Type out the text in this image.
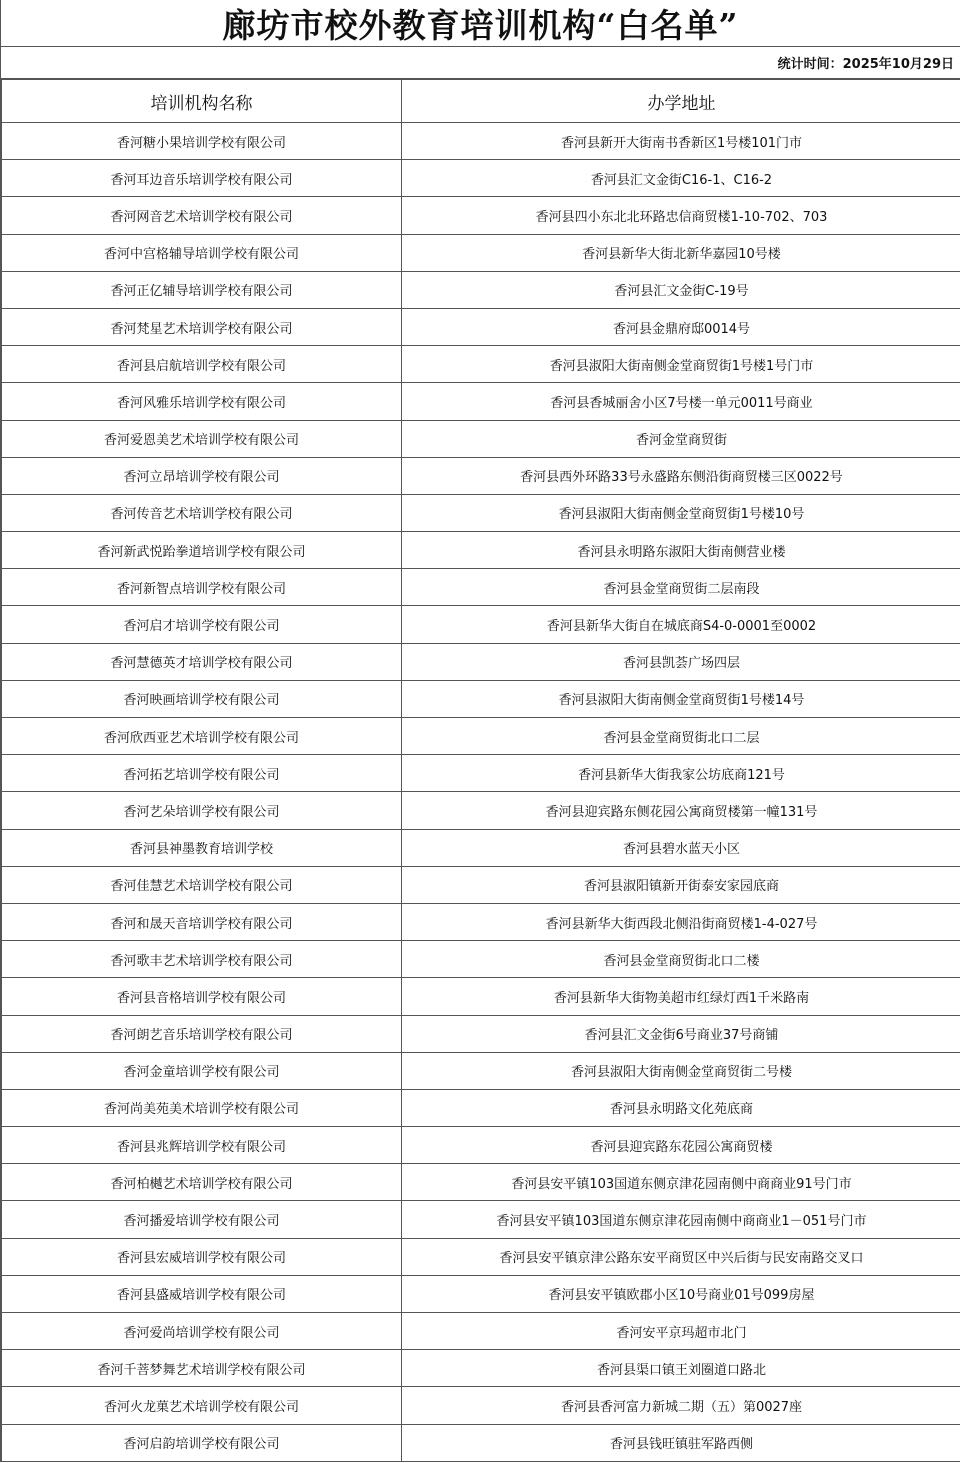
廊坊市校外教育培训机构“白名单”
统计时间：2025年10月29日
培训机构名称	办学地址
香河糖小果培训学校有限公司	香河县新开大街南书香新区1号楼101门市
香河耳边音乐培训学校有限公司	香河县汇文金街C16-1、C16-2
香河网音艺术培训学校有限公司	香河县四小东北北环路忠信商贸楼1-10-702、703
香河中宫格辅导培训学校有限公司	香河县新华大街北新华嘉园10号楼
香河正亿辅导培训学校有限公司	香河县汇文金街C-19号
香河梵星艺术培训学校有限公司	香河县金鼎府邸0014号
香河县启航培训学校有限公司	香河县淑阳大街南侧金堂商贸街1号楼1号门市
香河风雅乐培训学校有限公司	香河县香城丽舍小区7号楼一单元0011号商业
香河爱恩美艺术培训学校有限公司	香河金堂商贸街
香河立昂培训学校有限公司	香河县西外环路33号永盛路东侧沿街商贸楼三区0022号
香河传音艺术培训学校有限公司	香河县淑阳大街南侧金堂商贸街1号楼10号
香河新武悦跆拳道培训学校有限公司	香河县永明路东淑阳大街南侧营业楼
香河新智点培训学校有限公司	香河县金堂商贸街二层南段
香河启才培训学校有限公司	香河县新华大街自在城底商S4-0-0001至0002
香河慧德英才培训学校有限公司	香河县凯荟广场四层
香河映画培训学校有限公司	香河县淑阳大街南侧金堂商贸街1号楼14号
香河欣西亚艺术培训学校有限公司	香河县金堂商贸街北口二层
香河拓艺培训学校有限公司	香河县新华大街我家公坊底商121号
香河艺朵培训学校有限公司	香河县迎宾路东侧花园公寓商贸楼第一幢131号
香河县神墨教育培训学校	香河县碧水蓝天小区
香河佳慧艺术培训学校有限公司	香河县淑阳镇新开街泰安家园底商
香河和晟天音培训学校有限公司	香河县新华大街西段北侧沿街商贸楼1-4-027号
香河歌丰艺术培训学校有限公司	香河县金堂商贸街北口二楼
香河县音格培训学校有限公司	香河县新华大街物美超市红绿灯西1千米路南
香河朗艺音乐培训学校有限公司	香河县汇文金街6号商业37号商铺
香河金童培训学校有限公司	香河县淑阳大街南侧金堂商贸街二号楼
香河尚美苑美术培训学校有限公司	香河县永明路文化苑底商
香河县兆辉培训学校有限公司	香河县迎宾路东花园公寓商贸楼
香河柏樾艺术培训学校有限公司	香河县安平镇103国道东侧京津花园南侧中商商业91号门市
香河播爱培训学校有限公司	香河县安平镇103国道东侧京津花园南侧中商商业1－051号门市
香河县宏威培训学校有限公司	香河县安平镇京津公路东安平商贸区中兴后街与民安南路交叉口
香河县盛威培训学校有限公司	香河县安平镇欧郡小区10号商业01号099房屋
香河爱尚培训学校有限公司	香河安平京玛超市北门
香河千菩梦舞艺术培训学校有限公司	香河县渠口镇王刘圈道口路北
香河火龙菓艺术培训学校有限公司	香河县香河富力新城二期（五）第0027座
香河启韵培训学校有限公司	香河县钱旺镇驻军路西侧
